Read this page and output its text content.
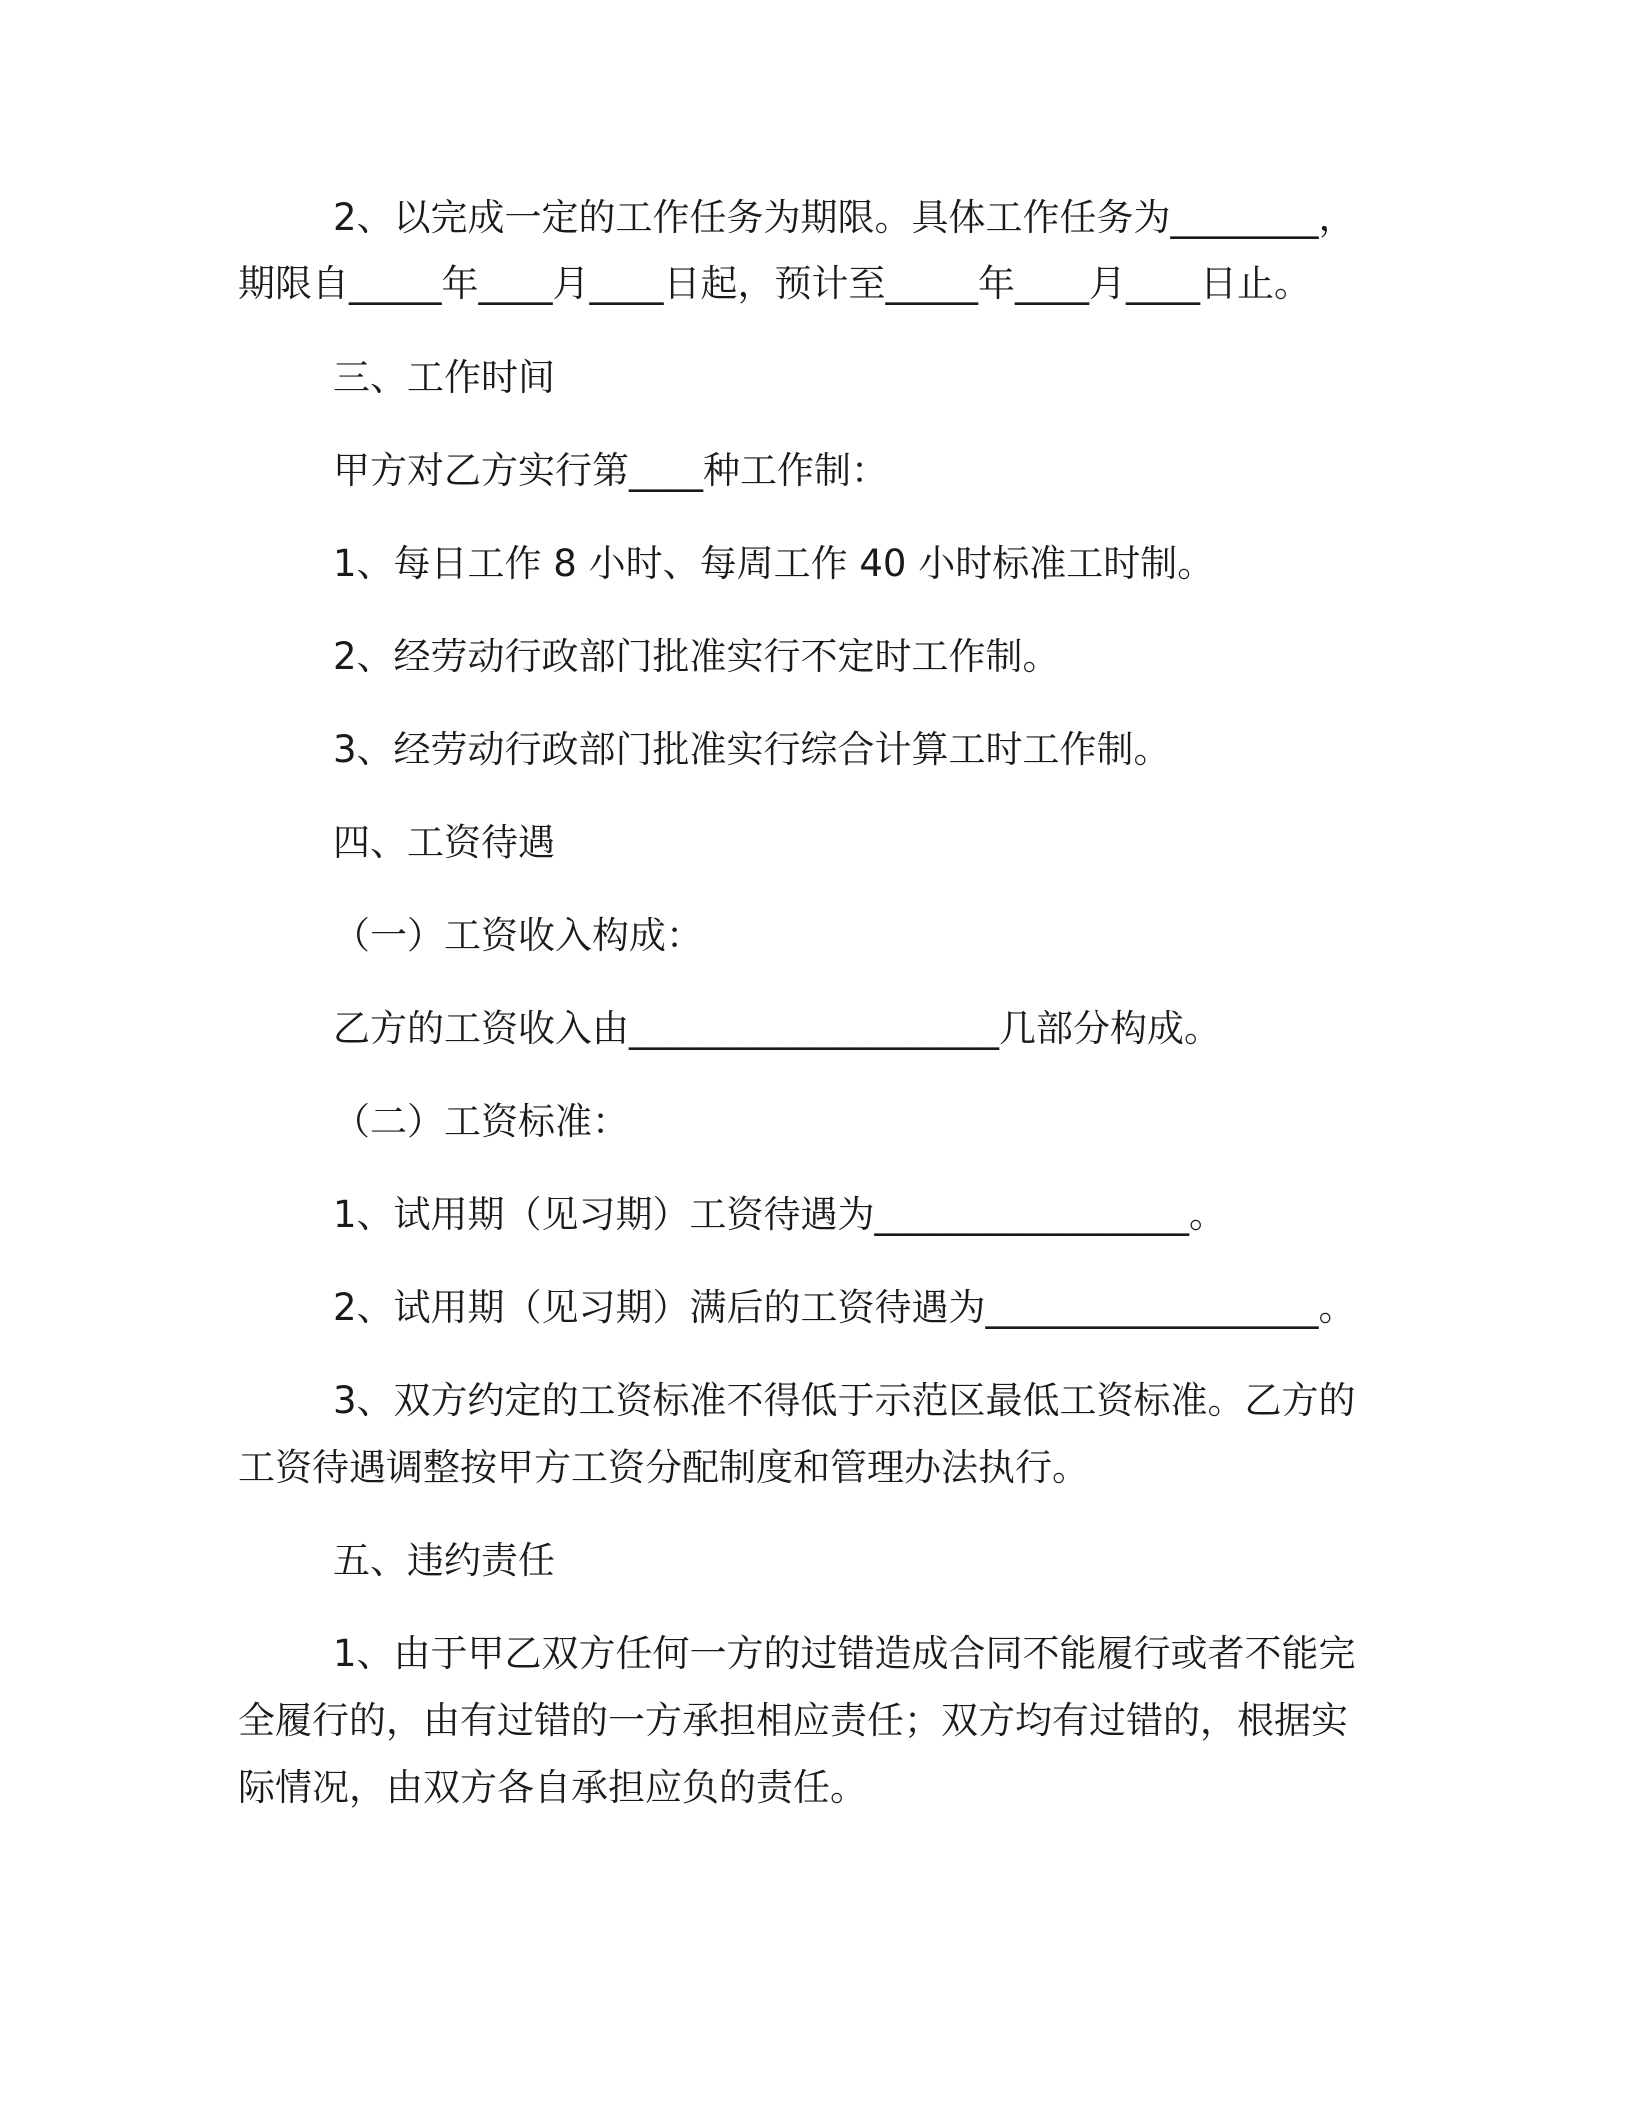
2、以完成一定的工作任务为期限。具体工作任务为________，
期限自_____年____月____日起，预计至_____年____月____日止。
三、工作时间
甲方对乙方实行第____种工作制：
1、每日工作 8 小时、每周工作 40 小时标准工时制。
2、经劳动行政部门批准实行不定时工作制。
3、经劳动行政部门批准实行综合计算工时工作制。
四、工资待遇
（一）工资收入构成：
乙方的工资收入由____________________几部分构成。
（二）工资标准：
1、试用期（见习期）工资待遇为_________________。
2、试用期（见习期）满后的工资待遇为__________________。
3、双方约定的工资标准不得低于示范区最低工资标准。乙方的
工资待遇调整按甲方工资分配制度和管理办法执行。
五、违约责任
1、由于甲乙双方任何一方的过错造成合同不能履行或者不能完
全履行的，由有过错的一方承担相应责任；双方均有过错的，根据实
际情况，由双方各自承担应负的责任。
